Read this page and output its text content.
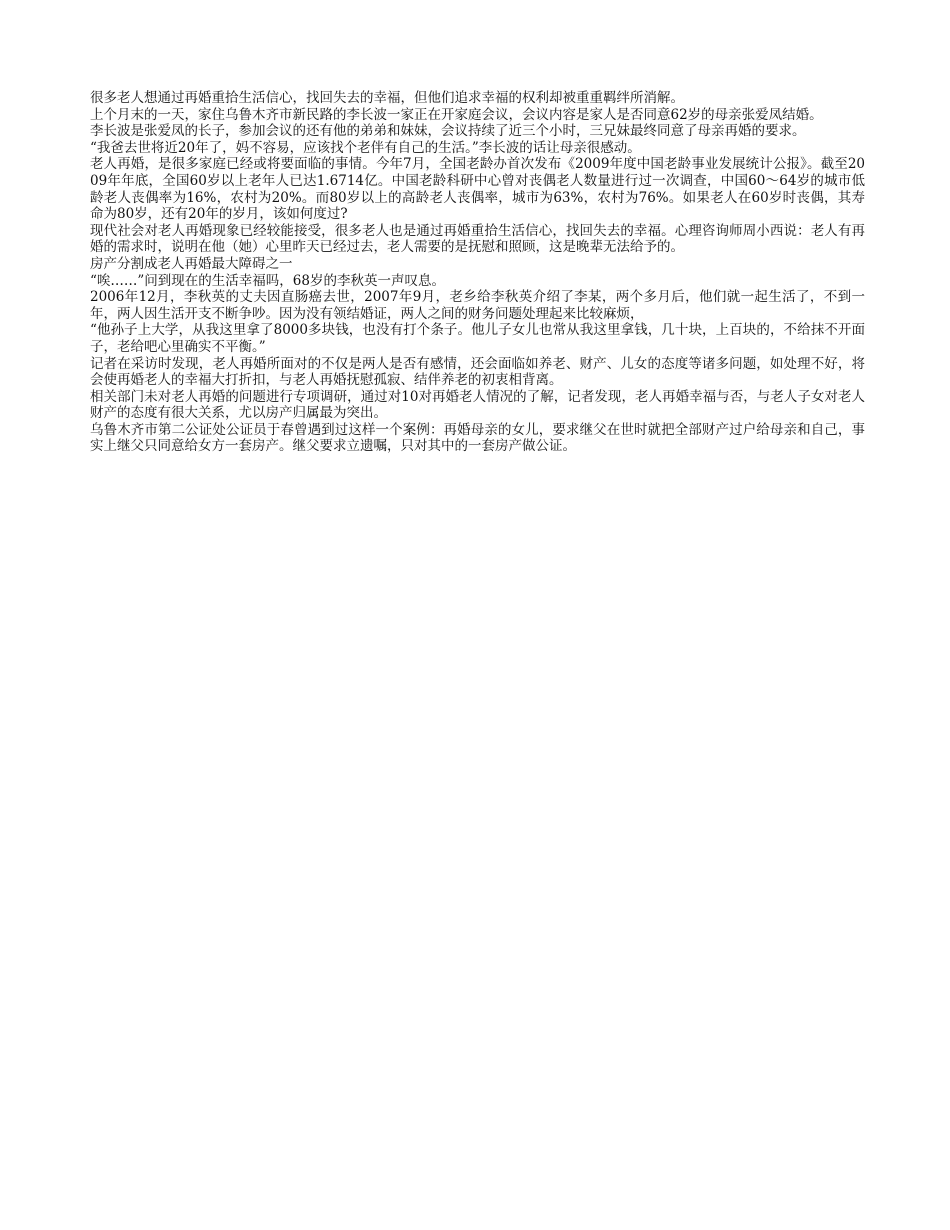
很多老人想通过再婚重拾生活信心，找回失去的幸福，但他们追求幸福的权利却被重重羁绊所消解。

上个月末的一天，家住乌鲁木齐市新民路的李长波一家正在开家庭会议，会议内容是家人是否同意62岁的母亲张爱凤结婚。

李长波是张爱凤的长子，参加会议的还有他的弟弟和妹妹，会议持续了近三个小时，三兄妹最终同意了母亲再婚的要求。

“我爸去世将近20年了，妈不容易，应该找个老伴有自己的生活。”李长波的话让母亲很感动。

老人再婚，是很多家庭已经或将要面临的事情。今年7月，全国老龄办首次发布《2009年度中国老龄事业发展统计公报》。截至2009年年底，全国60岁以上老年人已达1.6714亿。中国老龄科研中心曾对丧偶老人数量进行过一次调查，中国60～64岁的城市低龄老人丧偶率为16%，农村为20%。而80岁以上的高龄老人丧偶率，城市为63%，农村为76%。如果老人在60岁时丧偶，其寿命为80岁，还有20年的岁月，该如何度过?

现代社会对老人再婚现象已经较能接受，很多老人也是通过再婚重拾生活信心，找回失去的幸福。心理咨询师周小西说：老人有再婚的需求时，说明在他（她）心里昨天已经过去，老人需要的是抚慰和照顾，这是晚辈无法给予的。

房产分割成老人再婚最大障碍之一

“唉……”问到现在的生活幸福吗，68岁的李秋英一声叹息。

2006年12月，李秋英的丈夫因直肠癌去世，2007年9月，老乡给李秋英介绍了李某，两个多月后，他们就一起生活了，不到一年，两人因生活开支不断争吵。因为没有领结婚证，两人之间的财务问题处理起来比较麻烦，

“他孙子上大学，从我这里拿了8000多块钱，也没有打个条子。他儿子女儿也常从我这里拿钱，几十块，上百块的，不给抹不开面子，老给吧心里确实不平衡。”

记者在采访时发现，老人再婚所面对的不仅是两人是否有感情，还会面临如养老、财产、儿女的态度等诸多问题，如处理不好，将会使再婚老人的幸福大打折扣，与老人再婚抚慰孤寂、结伴养老的初衷相背离。

相关部门未对老人再婚的问题进行专项调研，通过对10对再婚老人情况的了解，记者发现，老人再婚幸福与否，与老人子女对老人财产的态度有很大关系，尤以房产归属最为突出。

乌鲁木齐市第二公证处公证员于春曾遇到过这样一个案例：再婚母亲的女儿，要求继父在世时就把全部财产过户给母亲和自己，事实上继父只同意给女方一套房产。继父要求立遗嘱，只对其中的一套房产做公证。
